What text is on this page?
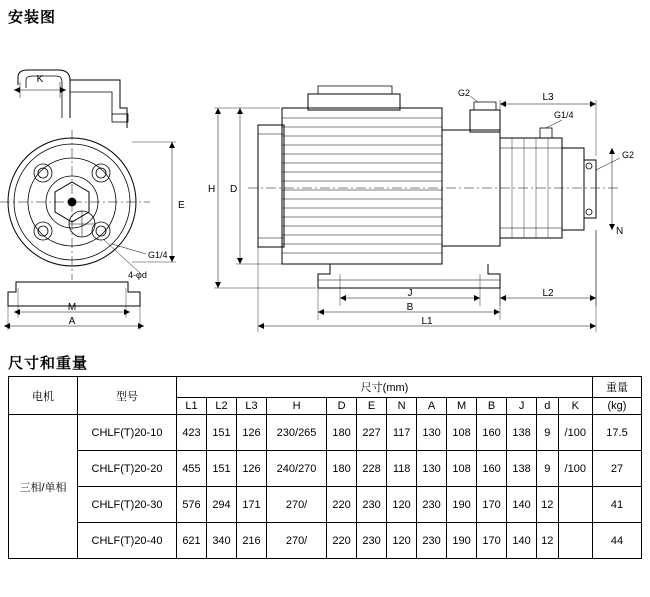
安装图
尺寸和重量
K
E
G1/4
4-φd
M
A
H D
G2
G1/4
G2
L3
N
J	L2
B
L1
电机	型号	尺寸(mm)													重量
		L1	L2	L3	H	D	E	N	A	M	B	J	d	K	(kg)
三相/单相	CHLF(T)20-10	423	151	126	230/265	180	227	117	130	108	160	138	9	/100	17.5
	CHLF(T)20-20	455	151	126	240/270	180	228	118	130	108	160	138	9	/100	27
	CHLF(T)20-30	576	294	171	270/	220	230	120	230	190	170	140	12		41
	CHLF(T)20-40	621	340	216	270/	220	230	120	230	190	170	140	12		44
